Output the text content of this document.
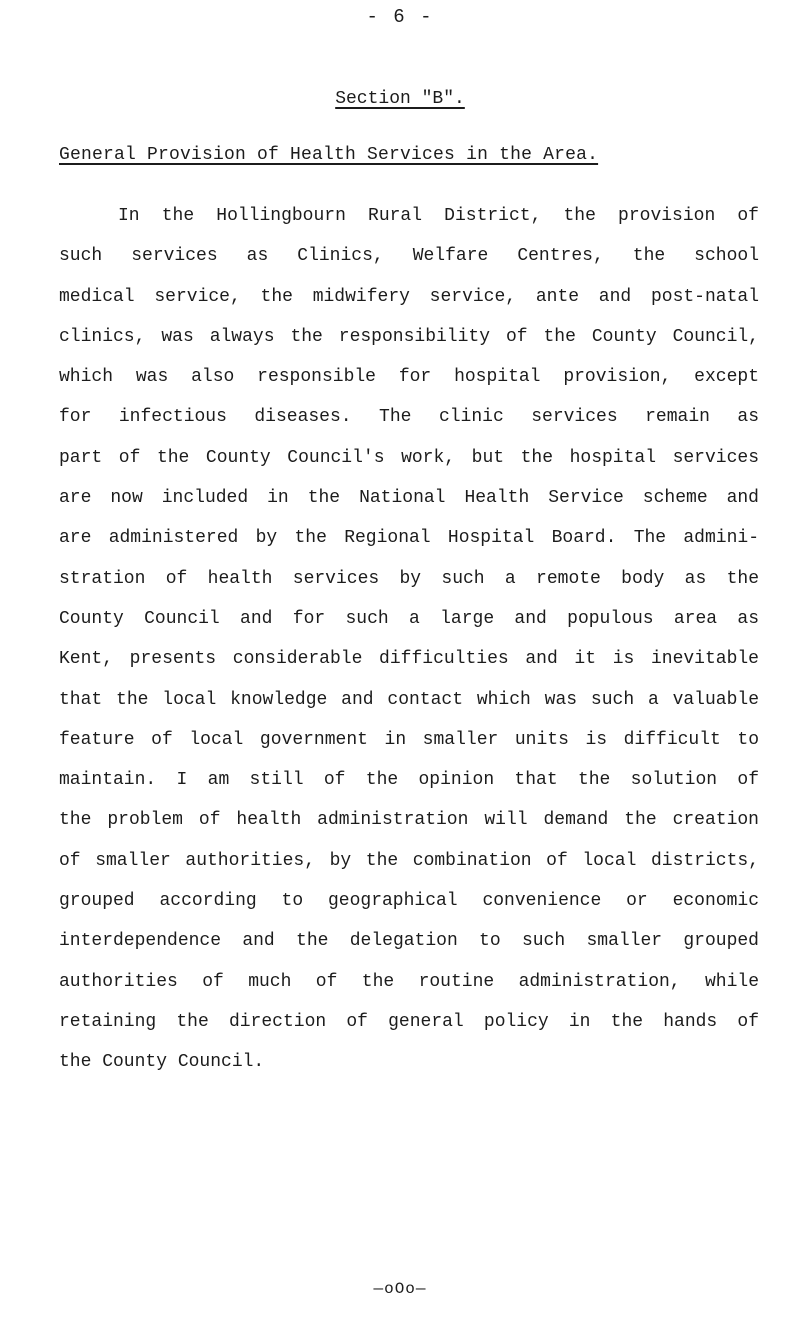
- 6 -
Section "B".
General Provision of Health Services in the Area.
In the Hollingbourn Rural District, the provision of
such services as Clinics, Welfare Centres, the school
medical service, the midwifery service, ante and post-natal
clinics, was always the responsibility of the County Council,
which was also responsible for hospital provision, except
for infectious diseases. The clinic services remain as
part of the County Council's work, but the hospital services
are now included in the National Health Service scheme and
are administered by the Regional Hospital Board. The admini-
stration of health services by such a remote body as the
County Council and for such a large and populous area as
Kent, presents considerable difficulties and it is inevitable
that the local knowledge and contact which was such a valuable
feature of local government in smaller units is difficult to
maintain. I am still of the opinion that the solution of
the problem of health administration will demand the creation
of smaller authorities, by the combination of local districts,
grouped according to geographical convenience or economic
interdependence and the delegation to such smaller grouped
authorities of much of the routine administration, while
retaining the direction of general policy in the hands of
the County Council.
—oOo—
